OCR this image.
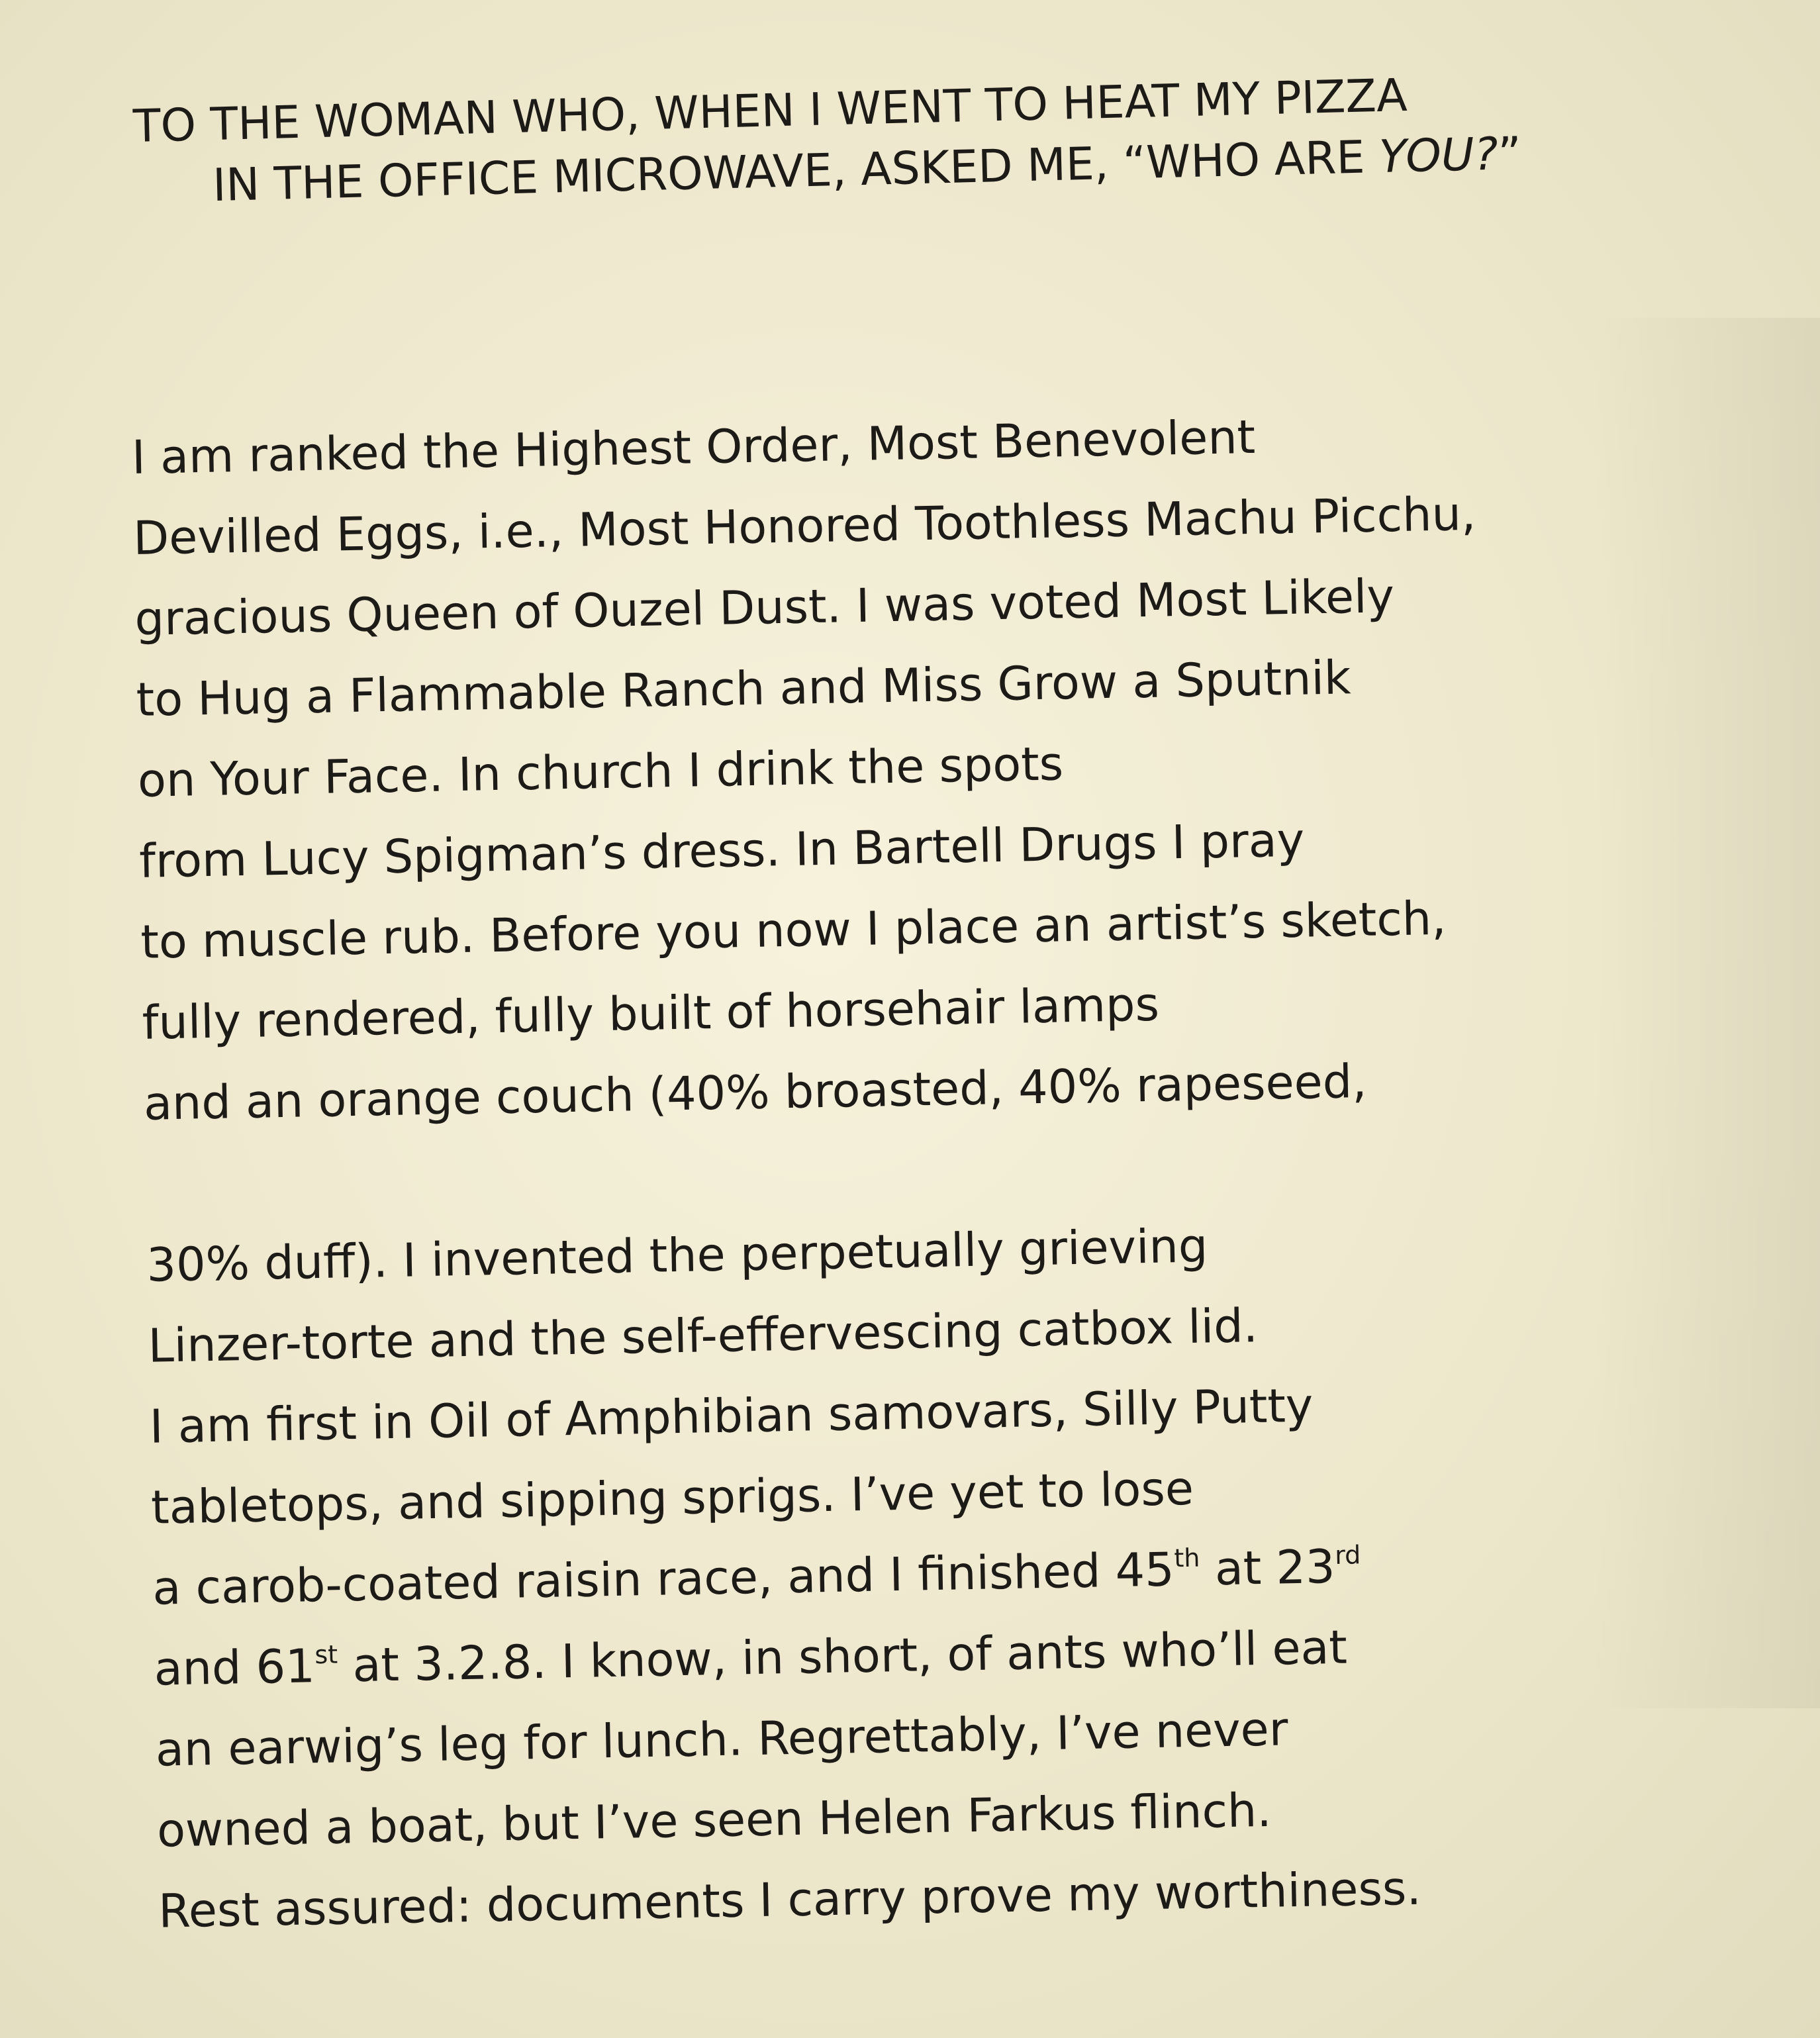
TO THE WOMAN WHO, WHEN I WENT TO HEAT MY PIZZA
IN THE OFFICE MICROWAVE, ASKED ME, “WHO ARE YOU?”
I am ranked the Highest Order, Most Benevolent
Devilled Eggs, i.e., Most Honored Toothless Machu Picchu,
gracious Queen of Ouzel Dust. I was voted Most Likely
to Hug a Flammable Ranch and Miss Grow a Sputnik
on Your Face. In church I drink the spots
from Lucy Spigman’s dress. In Bartell Drugs I pray
to muscle rub. Before you now I place an artist’s sketch,
fully rendered, fully built of horsehair lamps
and an orange couch (40% broasted, 40% rapeseed,
30% duff). I invented the perpetually grieving
Linzer-torte and the self-effervescing catbox lid.
I am first in Oil of Amphibian samovars, Silly Putty
tabletops, and sipping sprigs. I’ve yet to lose
a carob-coated raisin race, and I finished 45th at 23rd
and 61st at 3.2.8. I know, in short, of ants who’ll eat
an earwig’s leg for lunch. Regrettably, I’ve never
owned a boat, but I’ve seen Helen Farkus flinch.
Rest assured: documents I carry prove my worthiness.
